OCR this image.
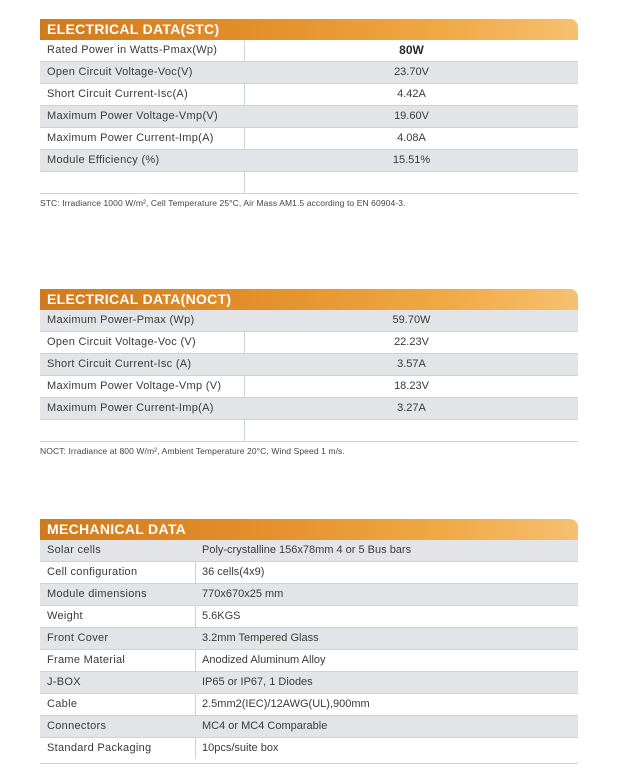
ELECTRICAL DATA(STC)
Rated Power in Watts-Pmax(Wp)	80W
Open Circuit Voltage-Voc(V)	23.70V
Short Circuit Current-Isc(A)	4.42A
Maximum Power Voltage-Vmp(V)	19.60V
Maximum Power Current-Imp(A)	4.08A
Module Efficiency (%)	15.51%
STC: Irradiance 1000 W/m², Cell Temperature 25°C, Air Mass AM1.5 according to EN 60904-3.
ELECTRICAL DATA(NOCT)
Maximum Power-Pmax (Wp)	59.70W
Open Circuit Voltage-Voc (V)	22.23V
Short Circuit Current-Isc (A)	3.57A
Maximum Power Voltage-Vmp (V)	18.23V
Maximum Power Current-Imp(A)	3.27A
NOCT: Irradiance at 800 W/m², Ambient Temperature 20°C, Wind Speed 1 m/s.
MECHANICAL DATA
Solar cells	Poly-crystalline 156x78mm 4 or 5 Bus bars
Cell configuration	36 cells(4x9)
Module dimensions	770x670x25 mm
Weight	5.6KGS
Front Cover	3.2mm Tempered Glass
Frame Material	Anodized Aluminum Alloy
J-BOX	IP65 or IP67, 1 Diodes
Cable	2.5mm2(IEC)/12AWG(UL),900mm
Connectors	MC4 or MC4 Comparable
Standard Packaging	10pcs/suite box
